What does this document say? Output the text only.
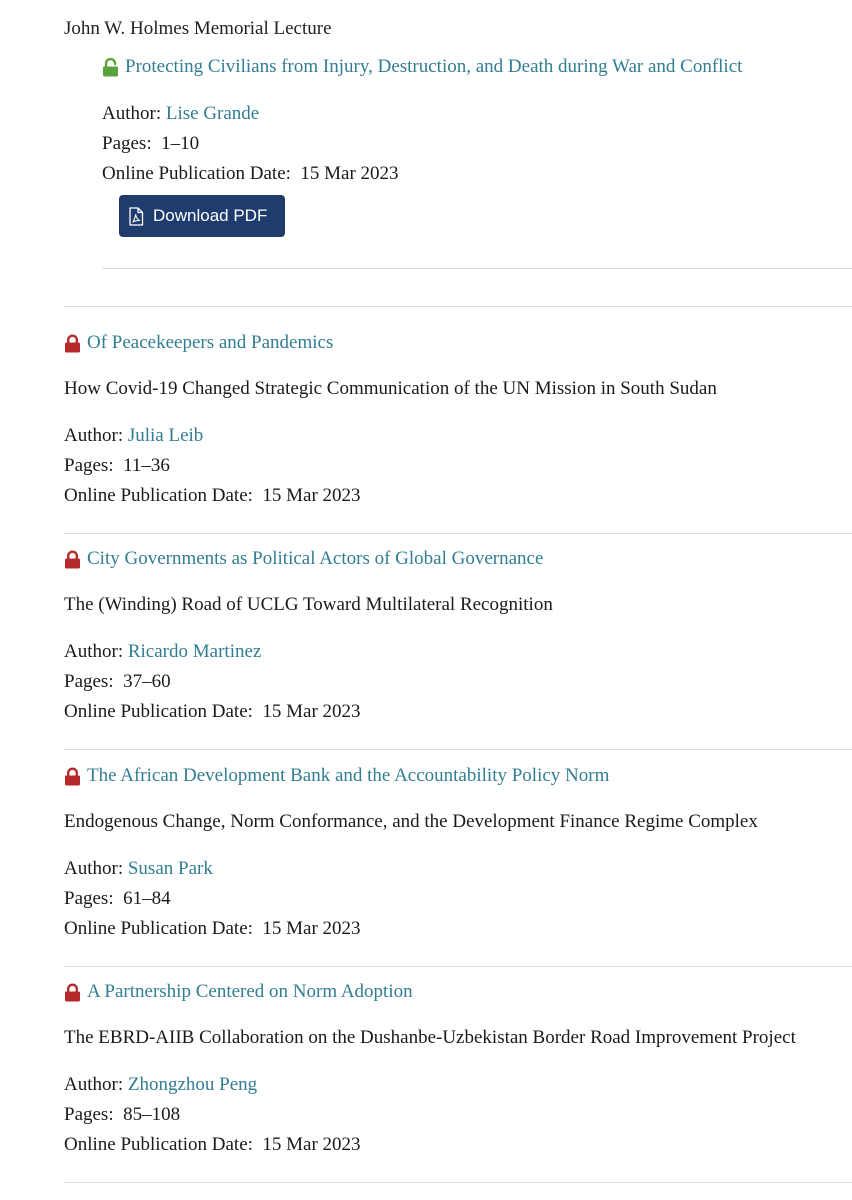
John W. Holmes Memorial Lecture
Protecting Civilians from Injury, Destruction, and Death during War and Conflict
Author: Lise Grande
Pages: 1–10
Online Publication Date: 15 Mar 2023
Download PDF
Of Peacekeepers and Pandemics
How Covid-19 Changed Strategic Communication of the UN Mission in South Sudan
Author: Julia Leib
Pages: 11–36
Online Publication Date: 15 Mar 2023
City Governments as Political Actors of Global Governance
The (Winding) Road of UCLG Toward Multilateral Recognition
Author: Ricardo Martinez
Pages: 37–60
Online Publication Date: 15 Mar 2023
The African Development Bank and the Accountability Policy Norm
Endogenous Change, Norm Conformance, and the Development Finance Regime Complex
Author: Susan Park
Pages: 61–84
Online Publication Date: 15 Mar 2023
A Partnership Centered on Norm Adoption
The EBRD-AIIB Collaboration on the Dushanbe-Uzbekistan Border Road Improvement Project
Author: Zhongzhou Peng
Pages: 85–108
Online Publication Date: 15 Mar 2023
